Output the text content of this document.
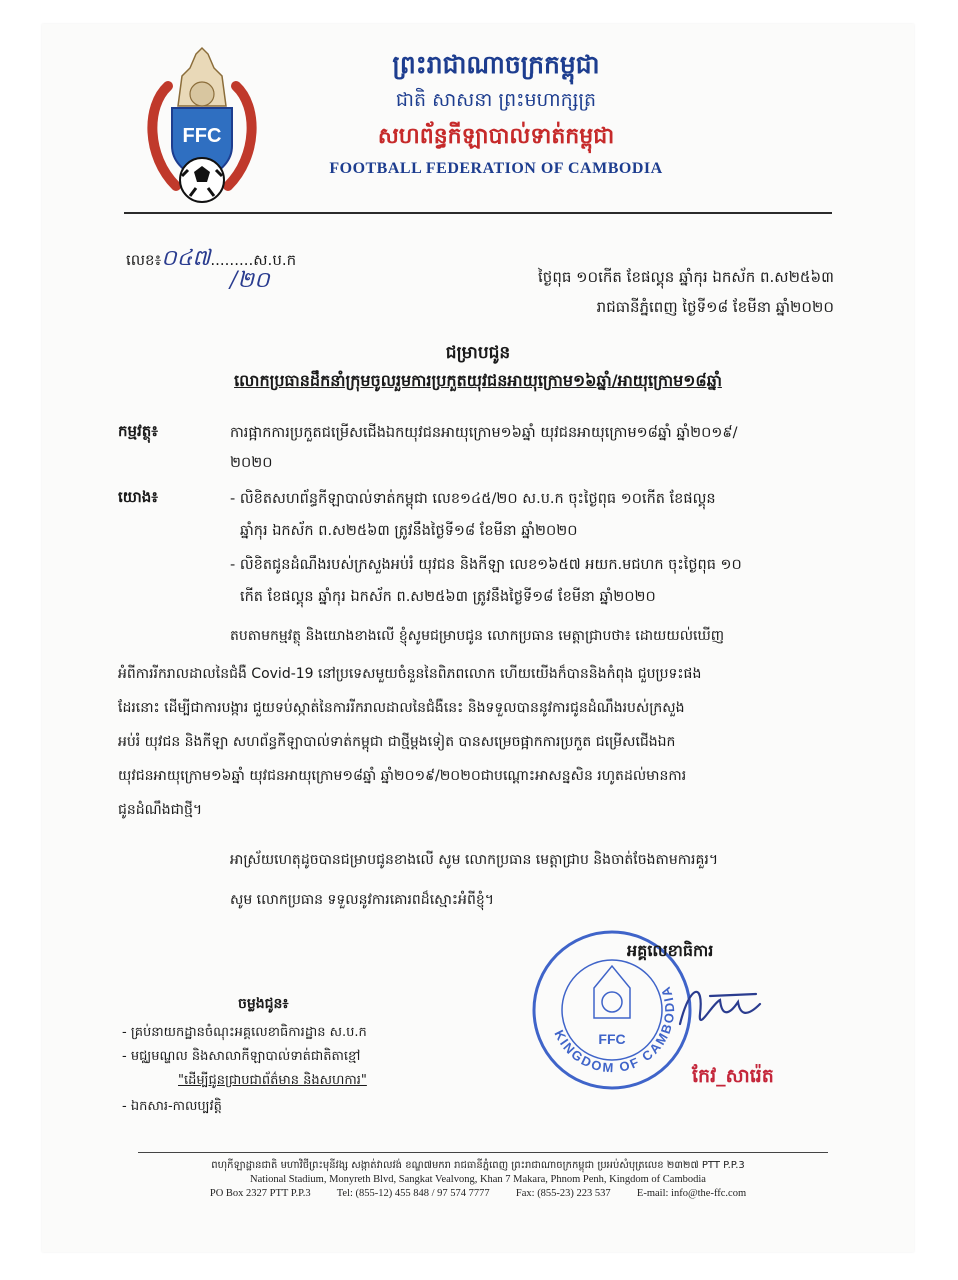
FFC
ព្រះរាជាណាចក្រកម្ពុជា
ជាតិ សាសនា ព្រះមហាក្សត្រ
សហព័ន្ធកីឡាបាល់ទាត់កម្ពុជា
FOOTBALL FEDERATION OF CAMBODIA
លេខ៖០៤៧.........ស.ប.ក
/២០	ថ្ងៃពុធ ១០កើត ខែផល្គុន ឆ្នាំកុរ ឯកស័ក ព.ស២៥៦៣
រាជធានីភ្នំពេញ ថ្ងៃទី១៨ ខែមីនា ឆ្នាំ២០២០
ជម្រាបជូន
លោកប្រធានដឹកនាំក្រុមចូលរួមការប្រកួតយុវជនអាយុក្រោម១៦ឆ្នាំ/អាយុក្រោម១៨ឆ្នាំ
កម្មវត្ថុ៖	ការផ្អាកការប្រកួតជម្រើសជើងឯកយុវជនអាយុក្រោម១៦ឆ្នាំ យុវជនអាយុក្រោម១៨ឆ្នាំ ឆ្នាំ២០១៩/
២០២០
យោង៖	- លិខិតសហព័ន្ធកីឡាបាល់ទាត់កម្ពុជា លេខ១៤៥/២០ ស.ប.ក ចុះថ្ងៃពុធ ១០កើត ខែផល្គុន
ឆ្នាំកុរ ឯកស័ក ព.ស២៥៦៣ ត្រូវនឹងថ្ងៃទី១៨ ខែមីនា ឆ្នាំ២០២០
- លិខិតជូនដំណឹងរបស់ក្រសួងអប់រំ យុវជន និងកីឡា លេខ១៦៥៧ អយក.មជហក ចុះថ្ងៃពុធ ១០
កើត ខែផល្គុន ឆ្នាំកុរ ឯកស័ក ព.ស២៥៦៣ ត្រូវនឹងថ្ងៃទី១៨ ខែមីនា ឆ្នាំ២០២០
តបតាមកម្មវត្ថុ និងយោងខាងលើ ខ្ញុំសូមជម្រាបជូន លោកប្រធាន មេត្តាជ្រាបថា៖ ដោយយល់ឃើញ
អំពីការរីករាលដាលនៃជំងឺ Covid-19 នៅប្រទេសមួយចំនួននៃពិភពលោក ហើយយើងក៏បាននិងកំពុង ជួបប្រទះផង
ដែរនោះ ដើម្បីជាការបង្ការ ជួយទប់ស្កាត់នៃការរីករាលដាលនៃជំងឺនេះ និងទទួលបាននូវការជូនដំណឹងរបស់ក្រសួង
អប់រំ យុវជន និងកីឡា សហព័ន្ធកីឡាបាល់ទាត់កម្ពុជា ជាថ្មីម្ដងទៀត បានសម្រេចផ្អាកការប្រកួត ជម្រើសជើងឯក
យុវជនអាយុក្រោម១៦ឆ្នាំ យុវជនអាយុក្រោម១៨ឆ្នាំ ឆ្នាំ២០១៩/២០២០ជាបណ្ដោះអាសន្នសិន រហូតដល់មានការ
ជូនដំណឹងជាថ្មី។
អាស្រ័យហេតុដូចបានជម្រាបជូនខាងលើ សូម លោកប្រធាន មេត្តាជ្រាប និងចាត់ចែងតាមការគួរ។
សូម លោកប្រធាន ទទួលនូវការគោរពដ៏ស្មោះអំពីខ្ញុំ។
KINGDOM OF CAMBODIA
FFC
អគ្គលេខាធិការ
កែវ_សារ៉េត
ចម្លងជូន៖
- គ្រប់នាយកដ្ឋានចំណុះអគ្គលេខាធិការដ្ឋាន ស.ប.ក
- មជ្ឈមណ្ឌល និងសាលាកីឡាបាល់ទាត់ជាតិតាខ្មៅ
"ដើម្បីជូនជ្រាបជាព័ត៌មាន និងសហការ"
- ឯកសារ-កាលប្បវត្តិ
ពហុកីឡាដ្ឋានជាតិ មហាវិថីព្រះមុនីវង្ស សង្កាត់វាលវង់ ខណ្ឌ៧មករា រាជធានីភ្នំពេញ ព្រះរាជាណាចក្រកម្ពុជា ប្រអប់សំបុត្រលេខ ២៣២៧ PTT P.P.3
National Stadium, Monyreth Blvd, Sangkat Vealvong, Khan 7 Makara, Phnom Penh, Kingdom of Cambodia
PO Box 2327 PTT P.P.3          Tel: (855-12) 455 848 / 97 574 7777          Fax: (855-23) 223 537          E-mail: info@the-ffc.com
